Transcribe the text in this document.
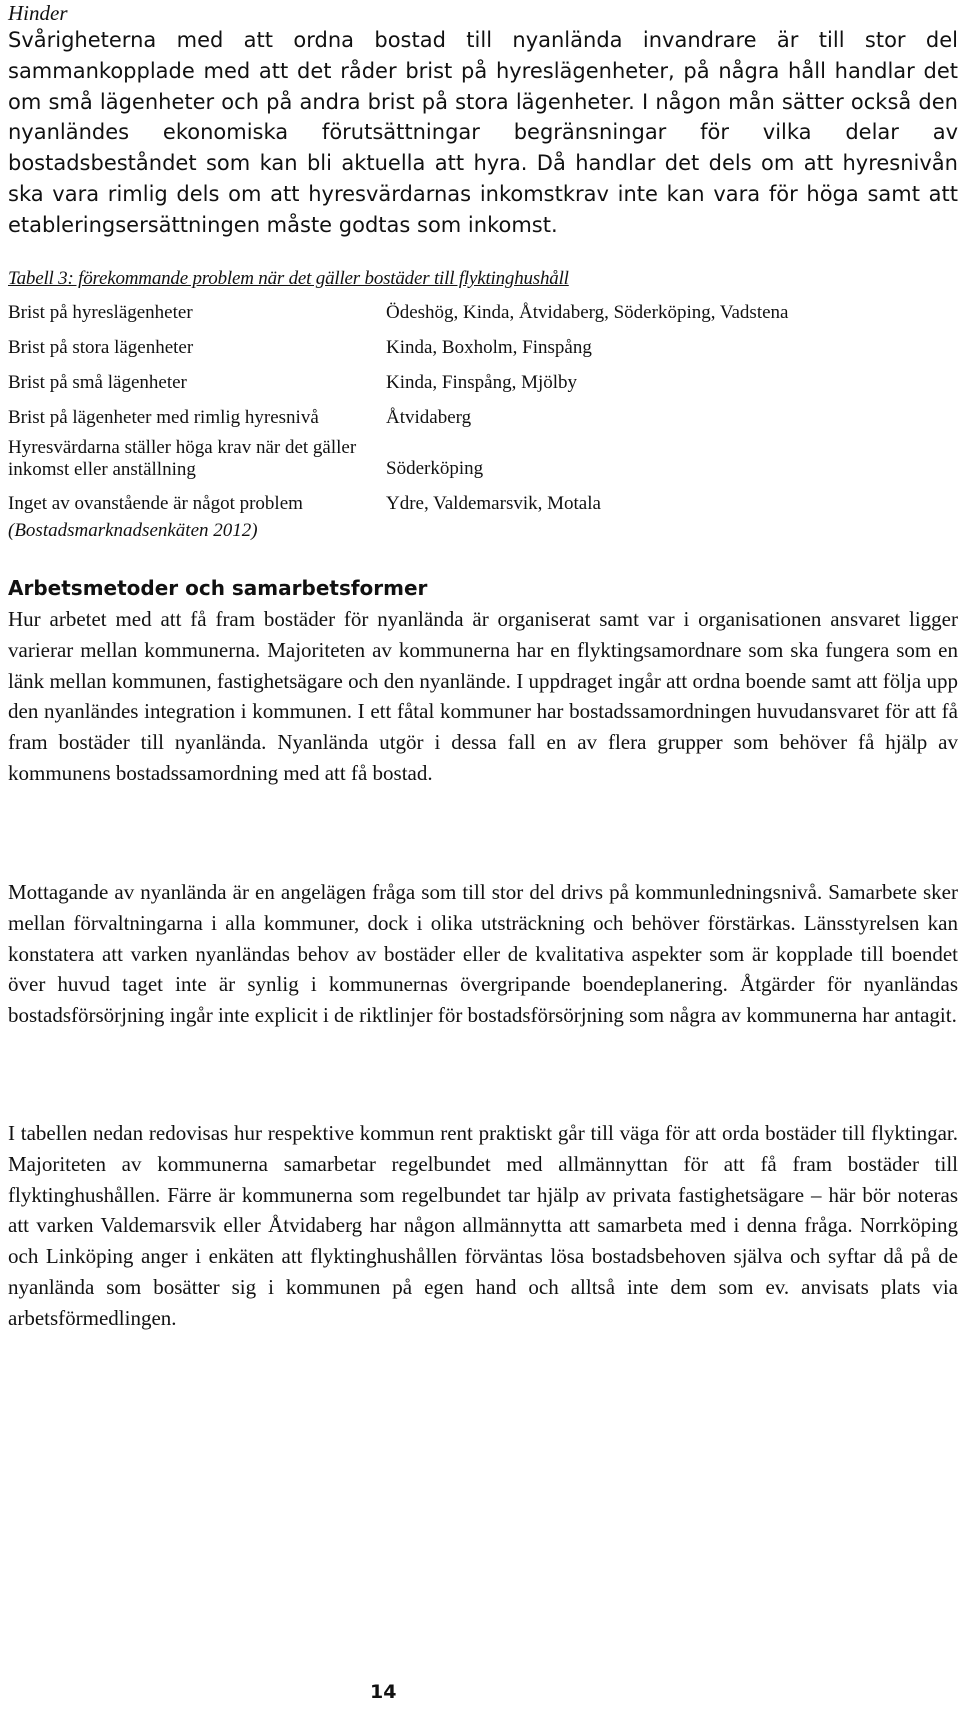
Hinder
Svårigheterna med att ordna bostad till nyanlända invandrare är till stor del sammankopplade med att det råder brist på hyreslägenheter, på några håll handlar det om små lägenheter och på andra brist på stora lägenheter. I någon mån sätter också den nyanländes ekonomiska förutsättningar begränsningar för vilka delar av bostadsbeståndet som kan bli aktuella att hyra. Då handlar det dels om att hyresnivån ska vara rimlig dels om att hyresvärdarnas inkomstkrav inte kan vara för höga samt att etableringsersättningen måste godtas som inkomst.
Tabell 3: förekommande problem när det gäller bostäder till flyktinghushåll
Brist på hyreslägenheter	Ödeshög, Kinda, Åtvidaberg, Söderköping, Vadstena
Brist på stora lägenheter	Kinda, Boxholm, Finspång
Brist på små lägenheter	Kinda, Finspång, Mjölby
Brist på lägenheter med rimlig hyresnivå	Åtvidaberg
Hyresvärdarna ställer höga krav när det gäller inkomst eller anställning	Söderköping
Inget av ovanstående är något problem	Ydre, Valdemarsvik, Motala
(Bostadsmarknadsenkäten 2012)
Arbetsmetoder och samarbetsformer
Hur arbetet med att få fram bostäder för nyanlända är organiserat samt var i organisationen ansvaret ligger varierar mellan kommunerna. Majoriteten av kommunerna har en flyktingsamordnare som ska fungera som en länk mellan kommunen, fastighetsägare och den nyanlände. I uppdraget ingår att ordna boende samt att följa upp den nyanländes integration i kommunen. I ett fåtal kommuner har bostadssamordningen huvudansvaret för att få fram bostäder till nyanlända. Nyanlända utgör i dessa fall en av flera grupper som behöver få hjälp av kommunens bostadssamordning med att få bostad.
Mottagande av nyanlända är en angelägen fråga som till stor del drivs på kommunledningsnivå. Samarbete sker mellan förvaltningarna i alla kommuner, dock i olika utsträckning och behöver förstärkas. Länsstyrelsen kan konstatera att varken nyanländas behov av bostäder eller de kvalitativa aspekter som är kopplade till boendet över huvud taget inte är synlig i kommunernas övergripande boendeplanering. Åtgärder för nyanländas bostadsförsörjning ingår inte explicit i de riktlinjer för bostadsförsörjning som några av kommunerna har antagit.
I tabellen nedan redovisas hur respektive kommun rent praktiskt går till väga för att orda bostäder till flyktingar. Majoriteten av kommunerna samarbetar regelbundet med allmännyttan för att få fram bostäder till flyktinghushållen. Färre är kommunerna som regelbundet tar hjälp av privata fastighetsägare – här bör noteras att varken Valdemarsvik eller Åtvidaberg har någon allmännytta att samarbeta med i denna fråga. Norrköping och Linköping anger i enkäten att flyktinghushållen förväntas lösa bostadsbehoven själva och syftar då på de nyanlända som bosätter sig i kommunen på egen hand och alltså inte dem som ev. anvisats plats via arbetsförmedlingen.
14
